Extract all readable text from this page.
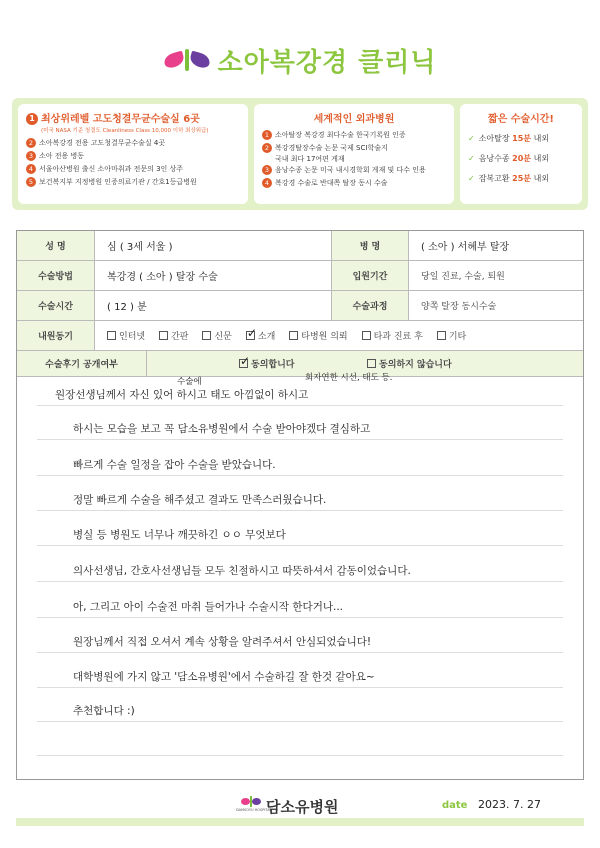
소아복강경 클리닉
1 최상위레벨 고도청결무균수술실 6곳
(미국 NASA 기준 청결도 Cleanliness Class 10,000 이하 최상위급)
2 소아복강경 전용 고도청결무균수술실 4곳
3 소아 전용 병동
4 서울아산병원 출신 소아마취과 전문의 3인 상주
5 보건복지부 지정병원 인증의료기관 / 간호1등급병원
세계적인 외과병원
1 소아탈장 복강경 최다수술 한국기록원 인증
2 복강경탈장수술 논문 국제 SCI학술지
국내 최다 17여편 게재
3 음낭수종 논문 미국 내시경학회 게재 및 다수 인용
4 복강경 수술로 반대쪽 탈장 동시 수술
짧은 수술시간!
✓ 소아탈장 15분 내외
✓ 음낭수종 20분 내외
✓ 잠복고환 25분 내외
성 명	심 ( 3세 서울 )	병 명	( 소아 ) 서혜부 탈장
수술방법	복강경 ( 소아 ) 탈장 수술	입원기간	당일 진료, 수술, 퇴원
수술시간	( 12 ) 분	수술과정	양쪽 탈장 동시수술
내원동기	인터넷	간판	신문 ✓	소개	타병원 의뢰	타과 진료 후	기타
수술후기 공개여부 ✓	동의합니다	동의하지 않습니다
수술에	회자연한 시선, 태도 등.
원장선생님께서 자신 있어 하시고 태도 아낌없이 하시고
하시는 모습을 보고 꼭 담소유병원에서 수술 받아야겠다 결심하고
빠르게 수술 일정을 잡아 수술을 받았습니다.
정말 빠르게 수술을 해주셨고 결과도 만족스러웠습니다.
병실 등 병원도 너무나 깨끗하긴 ㅇㅇ 무엇보다
의사선생님, 간호사선생님들 모두 친절하시고 따뜻하셔서 감동이었습니다.
아, 그리고 아이 수술전 마취 들어가나 수술시작 한다거나...
원장님께서 직접 오셔서 계속 상황을 알려주셔서 안심되었습니다!
대학병원에 가지 않고 '담소유병원'에서 수술하길 잘 한것 같아요~
추천합니다 :)
DAMSOYU HOSPITAL
담소유병원	date 2023. 7. 27
